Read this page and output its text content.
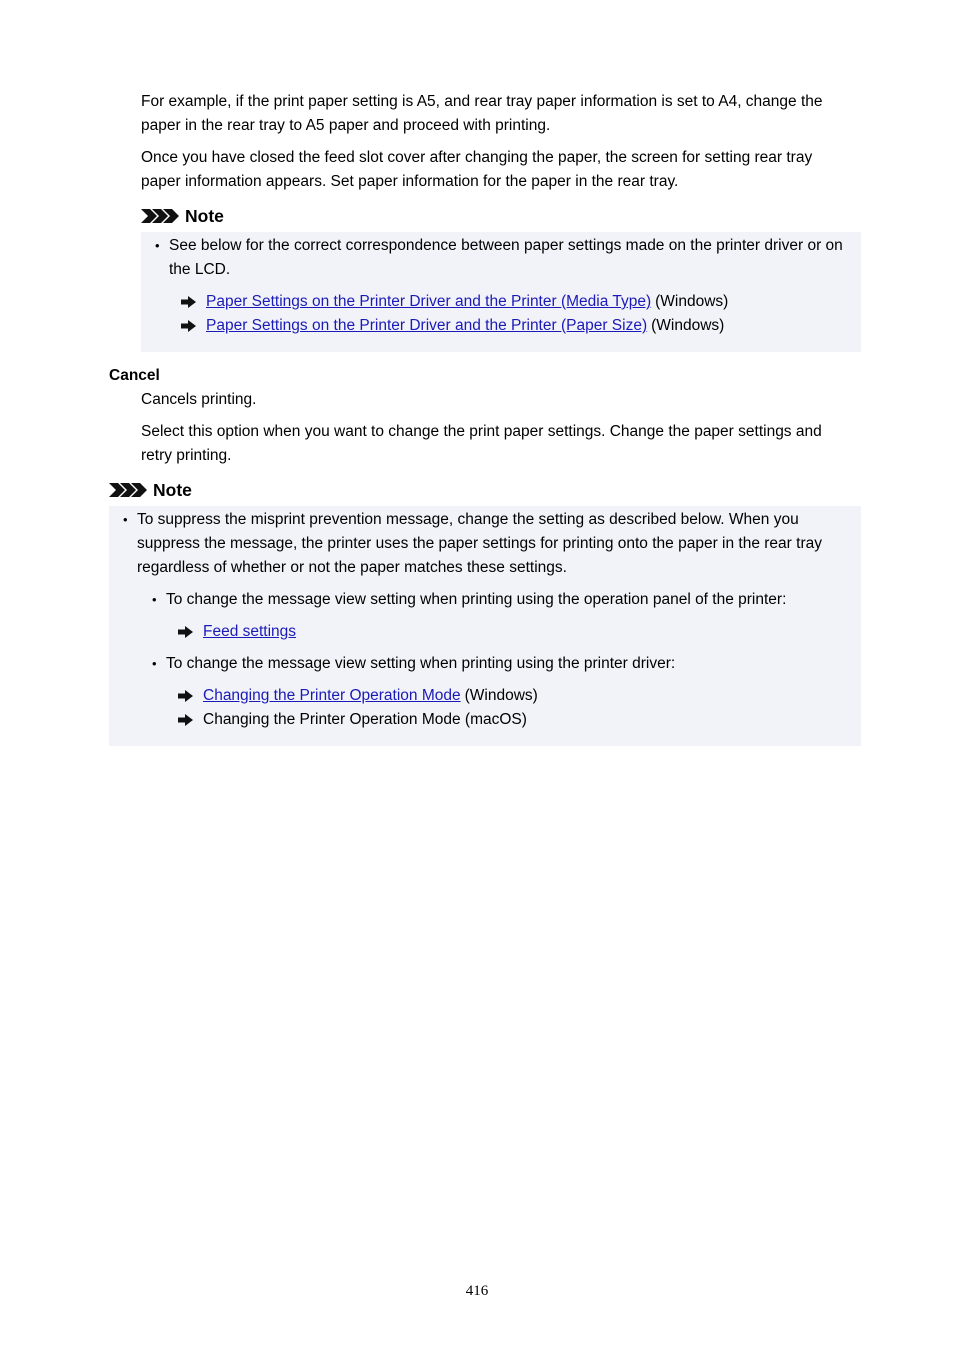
For example, if the print paper setting is A5, and rear tray paper information is set to A4, change the paper in the rear tray to A5 paper and proceed with printing.

Once you have closed the feed slot cover after changing the paper, the screen for setting rear tray paper information appears. Set paper information for the paper in the rear tray.

Note
• See below for the correct correspondence between paper settings made on the printer driver or on the LCD.

Paper Settings on the Printer Driver and the Printer (Media Type) (Windows)
Paper Settings on the Printer Driver and the Printer (Paper Size) (Windows)
Cancel

Cancels printing.

Select this option when you want to change the print paper settings. Change the paper settings and retry printing.

Note
• To suppress the misprint prevention message, change the setting as described below. When you suppress the message, the printer uses the paper settings for printing onto the paper in the rear tray regardless of whether or not the paper matches these settings.

• To change the message view setting when printing using the operation panel of the printer:

Feed settings
• To change the message view setting when printing using the printer driver:

Changing the Printer Operation Mode (Windows)
Changing the Printer Operation Mode (macOS)
416
